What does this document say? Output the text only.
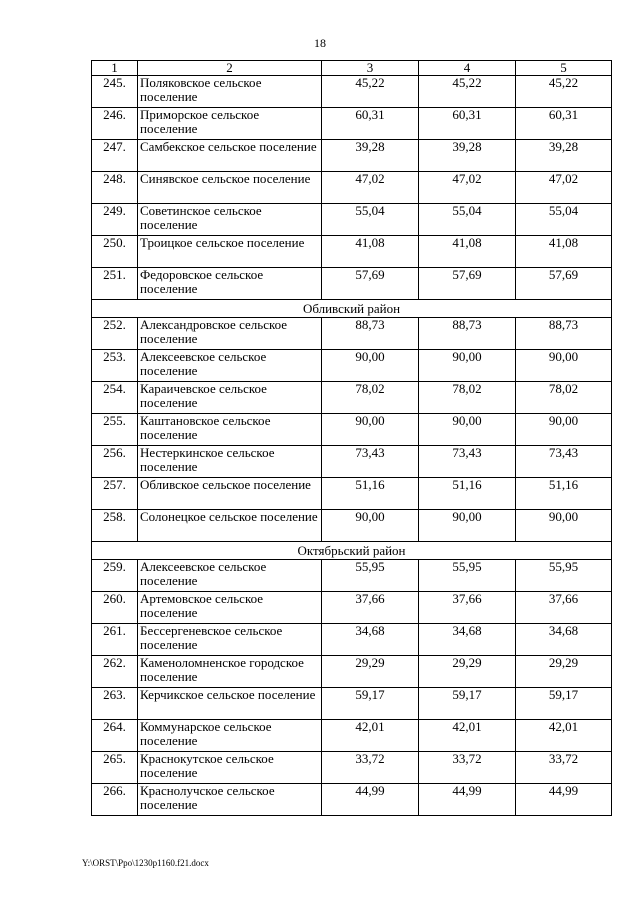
18
1	2	3	4	5
245.	Поляковское сельское поселение	45,22	45,22	45,22
246.	Приморское сельское поселение	60,31	60,31	60,31
247.	Самбекское сельское поселение	39,28	39,28	39,28
248.	Синявское сельское поселение	47,02	47,02	47,02
249.	Советинское сельское поселение	55,04	55,04	55,04
250.	Троицкое сельское поселение	41,08	41,08	41,08
251.	Федоровское сельское поселение	57,69	57,69	57,69
Обливский район				
252.	Александровское сельское поселение	88,73	88,73	88,73
253.	Алексеевское сельское поселение	90,00	90,00	90,00
254.	Караичевское сельское поселение	78,02	78,02	78,02
255.	Каштановское сельское поселение	90,00	90,00	90,00
256.	Нестеркинское сельское поселение	73,43	73,43	73,43
257.	Обливское сельское поселение	51,16	51,16	51,16
258.	Солонецкое сельское поселение	90,00	90,00	90,00
Октябрьский район				
259.	Алексеевское сельское поселение	55,95	55,95	55,95
260.	Артемовское сельское поселение	37,66	37,66	37,66
261.	Бессергеневское сельское поселение	34,68	34,68	34,68
262.	Каменоломненское городское поселение	29,29	29,29	29,29
263.	Керчикское сельское поселение	59,17	59,17	59,17
264.	Коммунарское сельское поселение	42,01	42,01	42,01
265.	Краснокутское сельское поселение	33,72	33,72	33,72
266.	Краснолучское сельское поселение	44,99	44,99	44,99
Y:\ORST\Ppo\1230p1160.f21.docx
